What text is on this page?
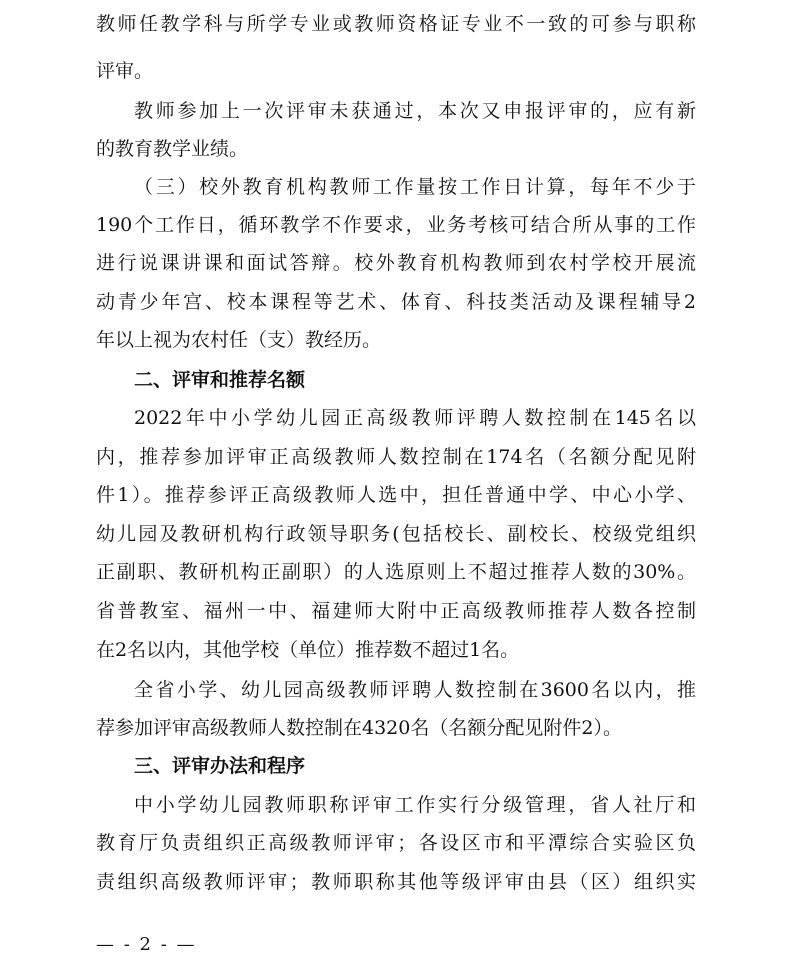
教师任教学科与所学专业或教师资格证专业不一致的可参与职称
评审。
教师参加上一次评审未获通过，本次又申报评审的，应有新
的教育教学业绩。
（三）校外教育机构教师工作量按工作日计算，每年不少于
190个工作日，循环教学不作要求，业务考核可结合所从事的工作
进行说课讲课和面试答辩。校外教育机构教师到农村学校开展流
动青少年宫、校本课程等艺术、体育、科技类活动及课程辅导2
年以上视为农村任（支）教经历。
二、评审和推荐名额
2022年中小学幼儿园正高级教师评聘人数控制在145名以
内，推荐参加评审正高级教师人数控制在174名（名额分配见附
件1）。推荐参评正高级教师人选中，担任普通中学、中心小学、
幼儿园及教研机构行政领导职务(包括校长、副校长、校级党组织
正副职、教研机构正副职）的人选原则上不超过推荐人数的30%。
省普教室、福州一中、福建师大附中正高级教师推荐人数各控制
在2名以内，其他学校（单位）推荐数不超过1名。
全省小学、幼儿园高级教师评聘人数控制在3600名以内，推
荐参加评审高级教师人数控制在4320名（名额分配见附件2）。
三、评审办法和程序
中小学幼儿园教师职称评审工作实行分级管理，省人社厅和
教育厅负责组织正高级教师评审；各设区市和平潭综合实验区负
责组织高级教师评审；教师职称其他等级评审由县（区）组织实
— - 2 - —
